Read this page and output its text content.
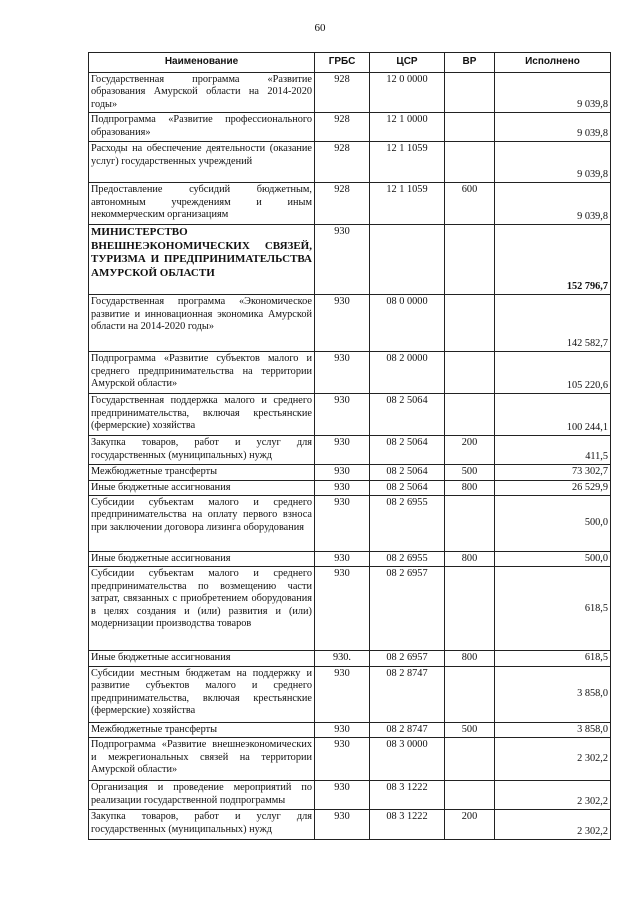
60
Наименование	ГРБС	ЦСР	ВР	Исполнено
Государственная программа «Развитие образования Амурской области на 2014-2020 годы»	928	12 0 0000		9 039,8
Подпрограмма «Развитие профессионального образования»	928	12 1 0000		9 039,8
Расходы на обеспечение деятельности (оказание услуг) государственных учреждений	928	12 1 1059		9 039,8
Предоставление субсидий бюджетным, автономным учреждениям и иным некоммерческим организациям	928	12 1 1059	600	9 039,8
МИНИСТЕРСТВО ВНЕШНЕЭКОНОМИЧЕСКИХ СВЯЗЕЙ, ТУРИЗМА И ПРЕДПРИНИМАТЕЛЬСТВА АМУРСКОЙ ОБЛАСТИ	930			152 796,7
Государственная программа «Экономическое развитие и инновационная экономика Амурской области на 2014-2020 годы»	930	08 0 0000		142 582,7
Подпрограмма «Развитие субъектов малого и среднего предпринимательства на территории Амурской области»	930	08 2 0000		105 220,6
Государственная поддержка малого и среднего предпринимательства, включая крестьянские (фермерские) хозяйства	930	08 2 5064		100 244,1
Закупка товаров, работ и услуг для государственных (муниципальных) нужд	930	08 2 5064	200	411,5
Межбюджетные трансферты	930	08 2 5064	500	73 302,7
Иные бюджетные ассигнования	930	08 2 5064	800	26 529,9
Субсидии субъектам малого и среднего предпринимательства на оплату первого взноса при заключении договора лизинга оборудования	930	08 2 6955		500,0
Иные бюджетные ассигнования	930	08 2 6955	800	500,0
Субсидии субъектам малого и среднего предпринимательства по возмещению части затрат, связанных с приобретением оборудования в целях создания и (или) развития и (или) модернизации производства товаров	930	08 2 6957		618,5
Иные бюджетные ассигнования	930.	08 2 6957	800	618,5
Субсидии местным бюджетам на поддержку и развитие субъектов малого и среднего предпринимательства, включая крестьянские (фермерские) хозяйства	930	08 2 8747		3 858,0
Межбюджетные трансферты	930	08 2 8747	500	3 858,0
Подпрограмма «Развитие внешнеэкономических и межрегиональных связей на территории Амурской области»	930	08 3 0000		2 302,2
Организация и проведение мероприятий по реализации государственной подпрограммы	930	08 3 1222		2 302,2
Закупка товаров, работ и услуг для государственных (муниципальных) нужд	930	08 3 1222	200	2 302,2
